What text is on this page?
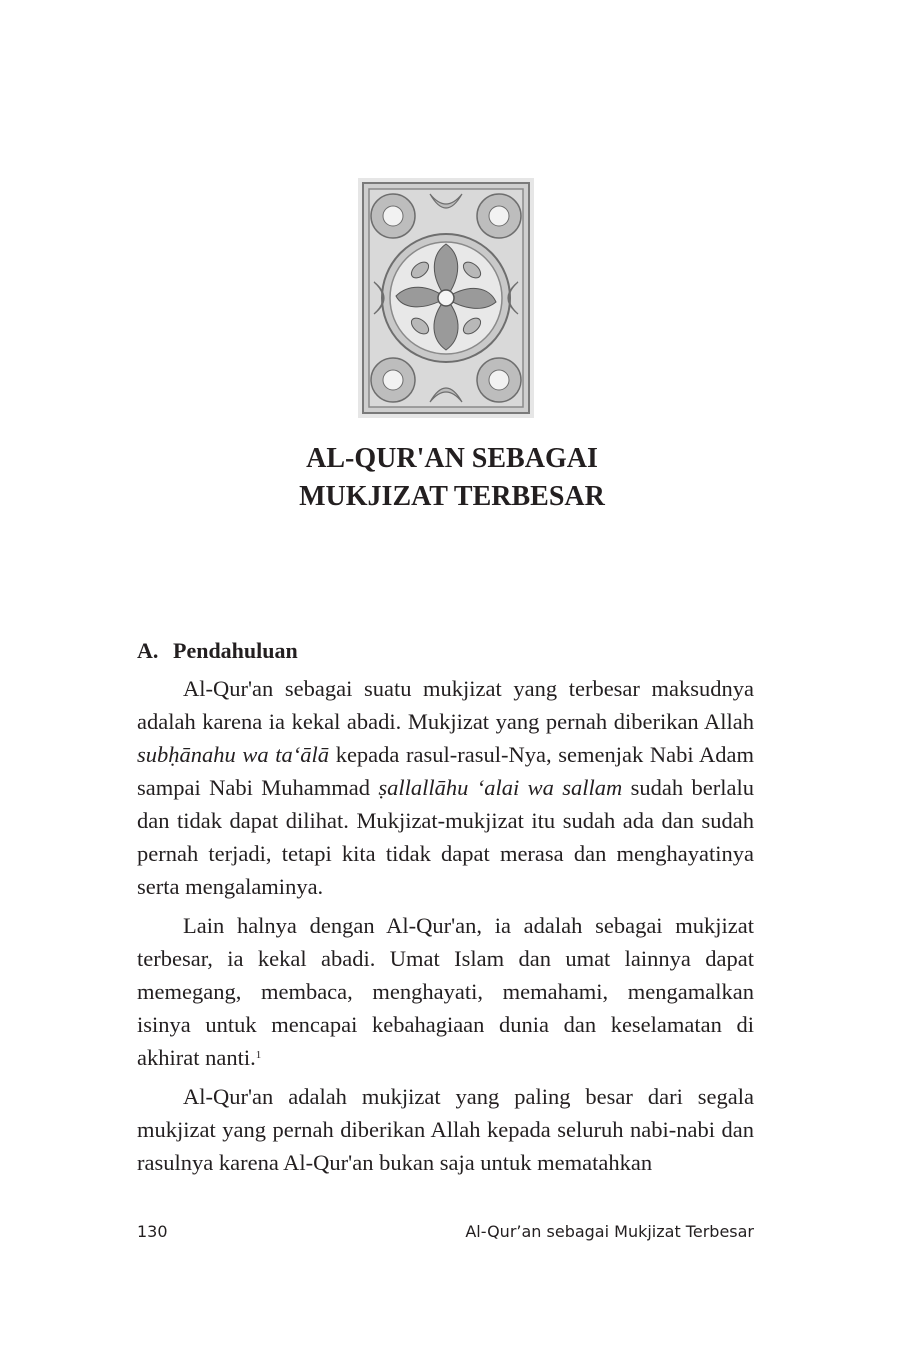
AL-QUR'AN SEBAGAI
MUKJIZAT TERBESAR
A. Pendahuluan

Al-Qur'an sebagai suatu mukjizat yang terbesar maksudnya adalah karena ia kekal abadi. Mukjizat yang pernah diberikan Allah subḥānahu wa ta‘ālā kepada rasul-rasul-Nya, semenjak Nabi Adam sampai Nabi Muhammad ṣallallāhu ‘alai wa sallam sudah berlalu dan tidak dapat dilihat. Mukjizat-mukjizat itu sudah ada dan sudah pernah terjadi, tetapi kita tidak dapat merasa dan menghayatinya serta mengalaminya.

Lain halnya dengan Al-Qur'an, ia adalah sebagai mukjizat terbesar, ia kekal abadi. Umat Islam dan umat lainnya dapat memegang, membaca, menghayati, memahami, mengamalkan isinya untuk mencapai kebahagiaan dunia dan keselamatan di akhirat nanti.$^1$

Al-Qur'an adalah mukjizat yang paling besar dari segala mukjizat yang pernah diberikan Allah kepada seluruh nabi-nabi dan rasulnya karena Al-Qur'an bukan saja untuk mematahkan

130	Al-Qur’an sebagai Mukjizat Terbesar
